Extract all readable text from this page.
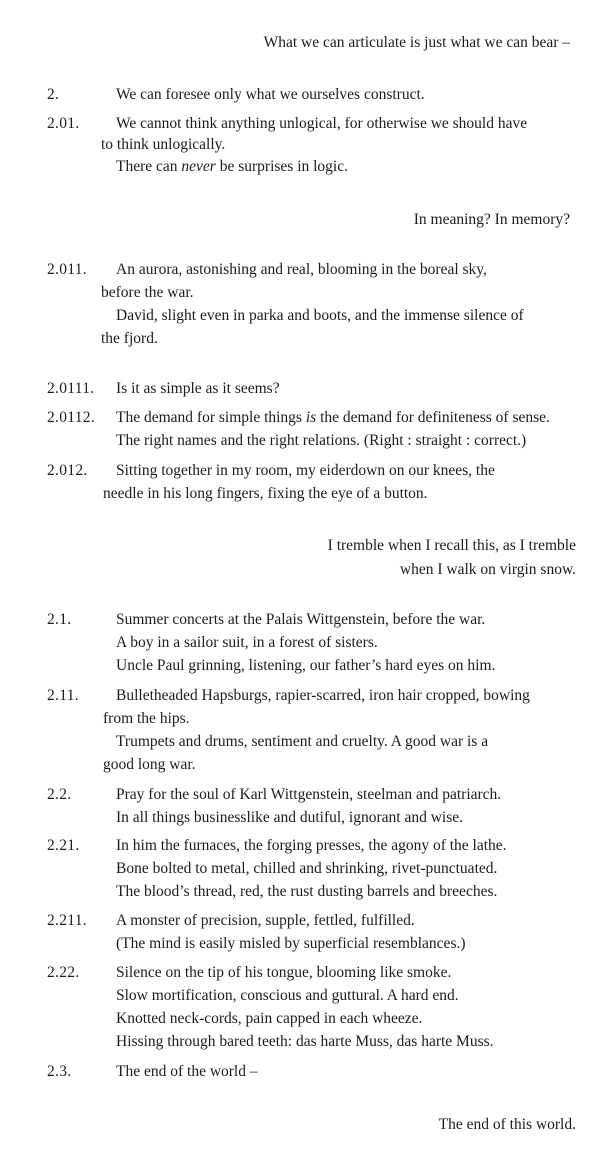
What we can articulate is just what we can bear –
2.	We can foresee only what we ourselves construct.
2.01. We cannot think anything unlogical, for otherwise we should have
to think unlogically.
There can never be surprises in logic.
In meaning? In memory?
2.011. An aurora, astonishing and real, blooming in the boreal sky,
before the war.
David, slight even in parka and boots, and the immense silence of
the fjord.
2.0111. Is it as simple as it seems?
2.0112. The demand for simple things is the demand for definiteness of sense.
The right names and the right relations. (Right : straight : correct.)
2.012. Sitting together in my room, my eiderdown on our knees, the
needle in his long fingers, fixing the eye of a button.
I tremble when I recall this, as I tremble
when I walk on virgin snow.
2.1.	Summer concerts at the Palais Wittgenstein, before the war.
A boy in a sailor suit, in a forest of sisters.
Uncle Paul grinning, listening, our father’s hard eyes on him.
2.11. Bulletheaded Hapsburgs, rapier-scarred, iron hair cropped, bowing
from the hips.
Trumpets and drums, sentiment and cruelty. A good war is a
good long war.
2.2.	Pray for the soul of Karl Wittgenstein, steelman and patriarch.
In all things businesslike and dutiful, ignorant and wise.
2.21. In him the furnaces, the forging presses, the agony of the lathe.
Bone bolted to metal, chilled and shrinking, rivet-punctuated.
The blood’s thread, red, the rust dusting barrels and breeches.
2.211. A monster of precision, supple, fettled, fulfilled.
(The mind is easily misled by superficial resemblances.)
2.22. Silence on the tip of his tongue, blooming like smoke.
Slow mortification, conscious and guttural. A hard end.
Knotted neck-cords, pain capped in each wheeze.
Hissing through bared teeth: das harte Muss, das harte Muss.
2.3.	The end of the world –
The end of this world.
